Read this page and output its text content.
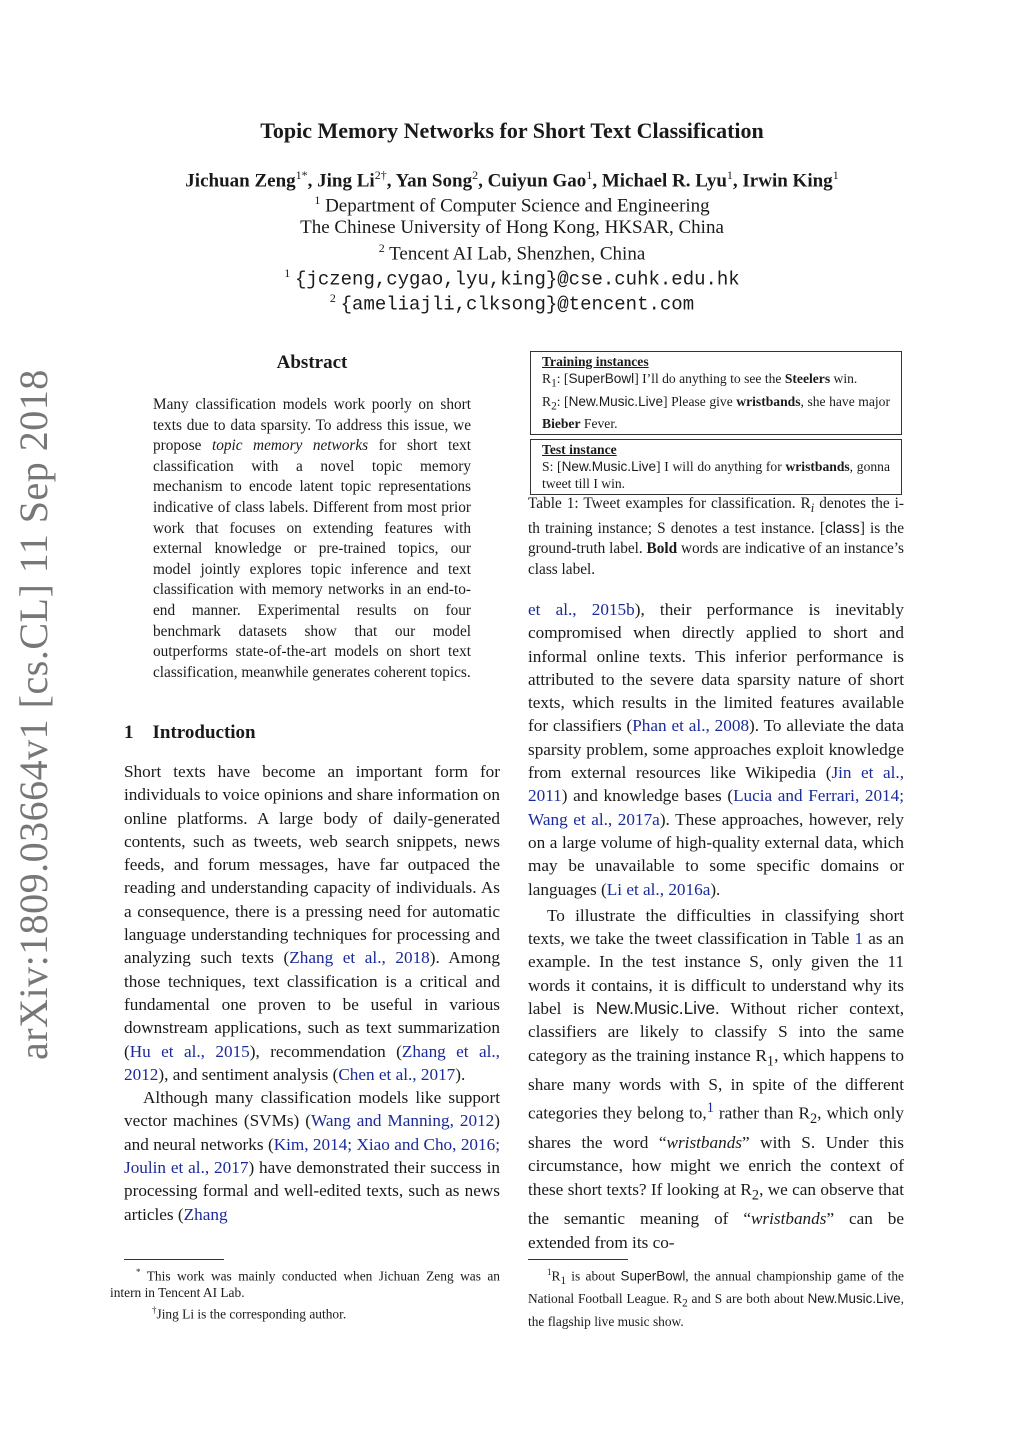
arXiv:1809.03664v1 [cs.CL] 11 Sep 2018
Topic Memory Networks for Short Text Classification
Jichuan Zeng$^{1*}$, Jing $Li^{2\dagger}$, Yan Song$^2$, Cuiyun Gao$^1$, Michael R. Lyu$^1$, Irwin King$^1$
$^1$ Department of Computer Science and Engineering
The Chinese University of Hong Kong, HKSAR, China
$^2$ Tencent AI Lab, Shenzhen, China
$^1$ {jczeng,cygao,lyu,king}@cse.cuhk.edu.hk
$^2$ {ameliajli,clksong}@tencent.com
Abstract
Many classification models work poorly on short texts due to data sparsity. To address this issue, we propose topic memory networks for short text classification with a novel topic memory mechanism to encode latent topic representations indicative of class labels. Different from most prior work that focuses on extending features with external knowledge or pre-trained topics, our model jointly explores topic inference and text classification with memory networks in an end-to-end manner. Experimental results on four benchmark datasets show that our model outperforms state-of-the-art models on short text classification, meanwhile generates coherent topics.
1 Introduction

Short texts have become an important form for individuals to voice opinions and share information on online platforms. A large body of daily-generated contents, such as tweets, web search snippets, news feeds, and forum messages, have far outpaced the reading and understanding capacity of individuals. As a consequence, there is a pressing need for automatic language understanding techniques for processing and analyzing such texts (Zhang et al., 2018). Among those techniques, text classification is a critical and fundamental one proven to be useful in various downstream applications, such as text summarization (Hu et al., 2015), recommendation (Zhang et al., 2012), and sentiment analysis (Chen et al., 2017).

Although many classification models like support vector machines (SVMs) (Wang and Manning, 2012) and neural networks (Kim, 2014; Xiao and Cho, 2016; Joulin et al., 2017) have demonstrated their success in processing formal and well-edited texts, such as news articles (Zhang

Training instances
$R_1$: [SuperBowl] I’ll do anything to see the Steelers win.
$R_2$: [New.Music.Live] Please give wristbands, she have major Bieber Fever.
Test instance
S: [New.Music.Live] I will do anything for wristbands, gonna tweet till I win.
Table 1: Tweet examples for classification. $R_i$ denotes the i-th training instance; S denotes a test instance. [class] is the ground-truth label. Bold words are indicative of an instance’s class label.

et al., 2015b), their performance is inevitably compromised when directly applied to short and informal online texts. This inferior performance is attributed to the severe data sparsity nature of short texts, which results in the limited features available for classifiers (Phan et al., 2008). To alleviate the data sparsity problem, some approaches exploit knowledge from external resources like Wikipedia (Jin et al., 2011) and knowledge bases (Lucia and Ferrari, 2014; Wang et al., 2017a). These approaches, however, rely on a large volume of high-quality external data, which may be unavailable to some specific domains or languages (Li et al., 2016a).

To illustrate the difficulties in classifying short texts, we take the tweet classification in Table 1 as an example. In the test instance S, only given the 11 words it contains, it is difficult to understand why its label is New.Music.Live. Without richer context, classifiers are likely to classify S into the same category as the training instance $R_1$, which happens to share many words with S, in spite of the different categories they belong to,$^1$ rather than $R_2$, which only shares the word “wristbands” with S. Under this circumstance, how might we enrich the context of these short texts? If looking at $R_2$, we can observe that the semantic meaning of “wristbands” can be extended from its co-

* This work was mainly conducted when Jichuan Zeng was an intern in Tencent AI Lab.

†Jing Li is the corresponding author.

$^1R_1$ is about SuperBowl, the annual championship game of the National Football League. $R_2$ and S are both about New.Music.Live, the flagship live music show.
